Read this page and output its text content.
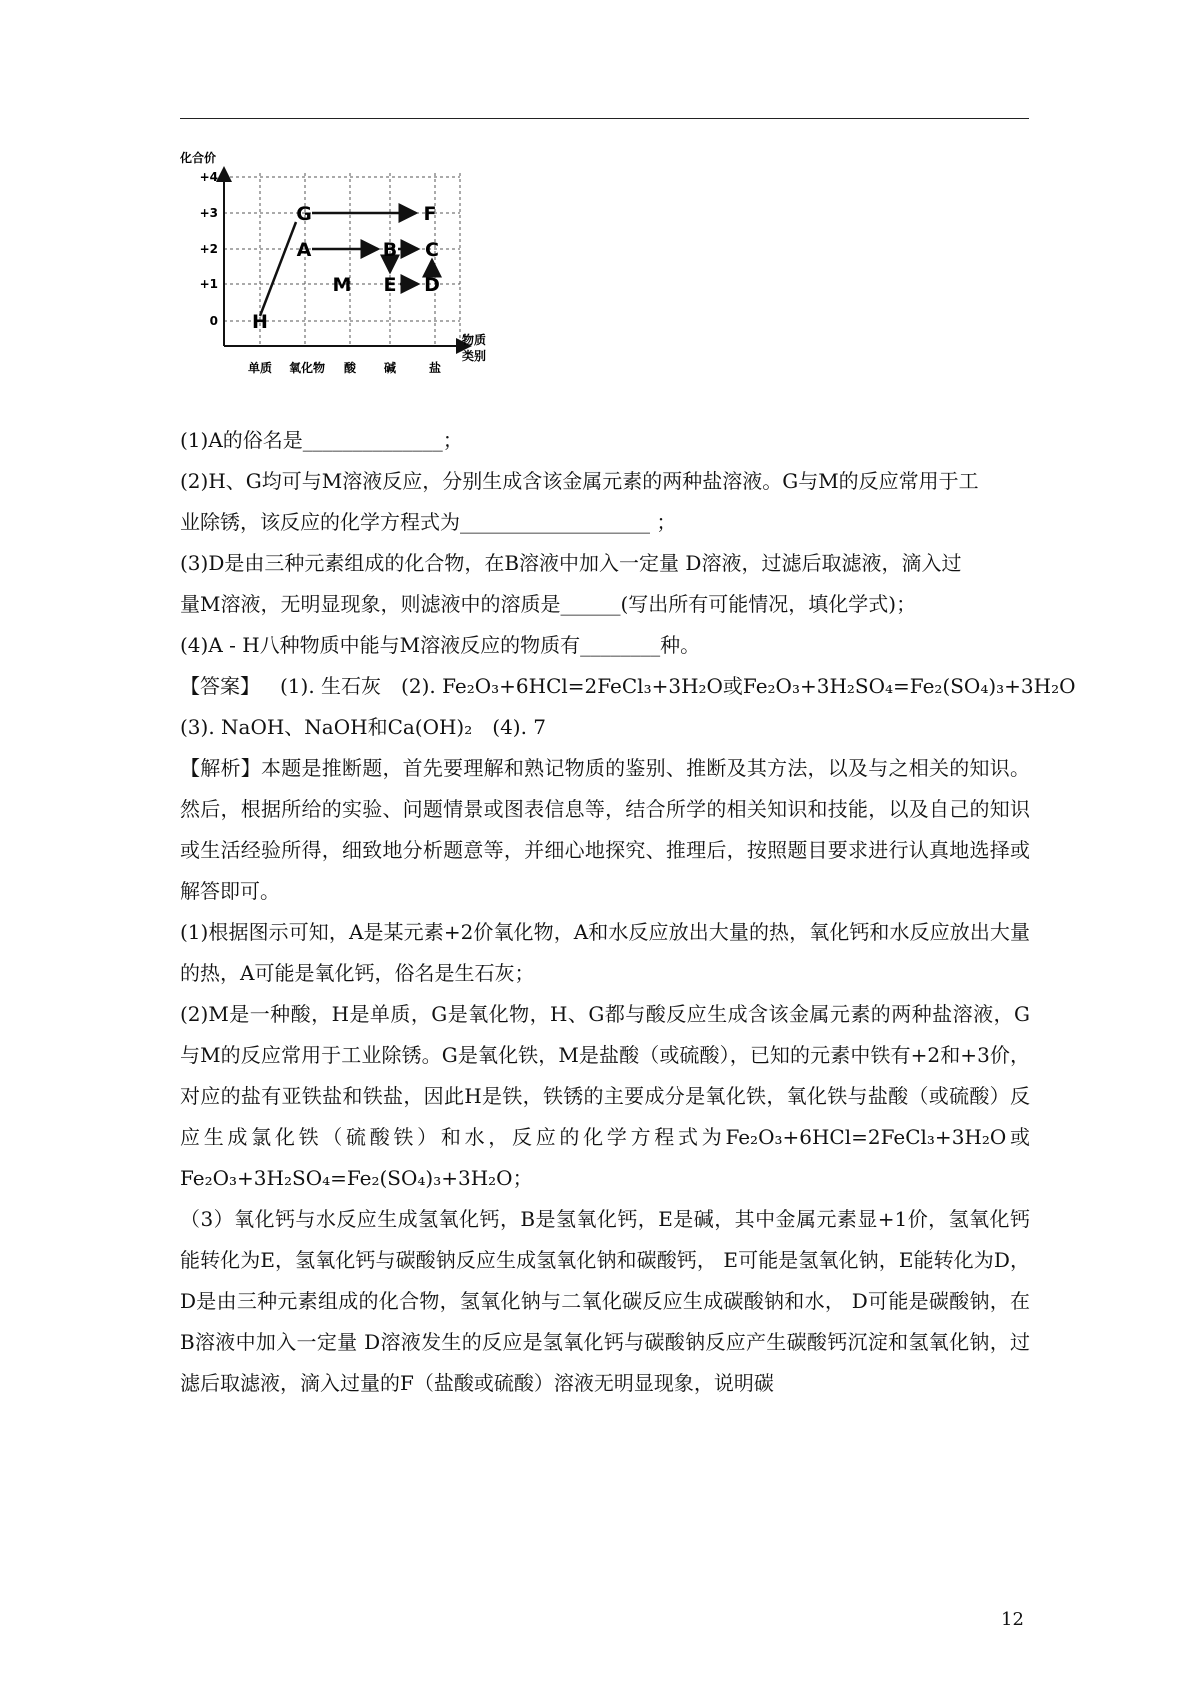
化合价
物质
类别
+4
+3
+2
+1
0
单质 氧化物 酸 碱	盐
H
G	F
A	B C
M E D

(1)A的俗名是______________；

(2)H、G均可与M溶液反应，分别生成含该金属元素的两种盐溶液。G与M的反应常用于工

业除锈，该反应的化学方程式为___________________ ；

(3)D是由三种元素组成的化合物，在B溶液中加入一定量 D溶液，过滤后取滤液，滴入过

量M溶液，无明显现象，则滤液中的溶质是______(写出所有可能情况，填化学式)；

(4)A - H八种物质中能与M溶液反应的物质有________种。

【答案】 (1). 生石灰 (2). Fe₂O₃+6HCl=2FeCl₃+3H₂O或Fe₂O₃+3H₂SO₄=Fe₂(SO₄)₃+3H₂O

(3). NaOH、NaOH和Ca(OH)₂ (4). 7

【解析】本题是推断题，首先要理解和熟记物质的鉴别、推断及其方法，以及与之相关的知识。然后，根据所给的实验、问题情景或图表信息等，结合所学的相关知识和技能，以及自己的知识或生活经验所得，细致地分析题意等，并细心地探究、推理后，按照题目要求进行认真地选择或解答即可。

(1)根据图示可知，A是某元素+2价氧化物，A和水反应放出大量的热，氧化钙和水反应放出大量的热，A可能是氧化钙，俗名是生石灰；

(2)M是一种酸，H是单质，G是氧化物，H、G都与酸反应生成含该金属元素的两种盐溶液，G与M的反应常用于工业除锈。G是氧化铁，M是盐酸（或硫酸），已知的元素中铁有+2和+3价，对应的盐有亚铁盐和铁盐，因此H是铁，铁锈的主要成分是氧化铁，氧化铁与盐酸（或硫酸）反应生成氯化铁（硫酸铁）和水，反应的化学方程式为Fe₂O₃+6HCl=2FeCl₃+3H₂O或Fe₂O₃+3H₂SO₄=Fe₂(SO₄)₃+3H₂O；

（3）氧化钙与水反应生成氢氧化钙，B是氢氧化钙，E是碱，其中金属元素显+1价，氢氧化钙能转化为E，氢氧化钙与碳酸钠反应生成氢氧化钠和碳酸钙， E可能是氢氧化钠，E能转化为D，D是由三种元素组成的化合物，氢氧化钠与二氧化碳反应生成碳酸钠和水， D可能是碳酸钠，在B溶液中加入一定量 D溶液发生的反应是氢氧化钙与碳酸钠反应产生碳酸钙沉淀和氢氧化钠，过滤后取滤液，滴入过量的F（盐酸或硫酸）溶液无明显现象，说明碳

12
